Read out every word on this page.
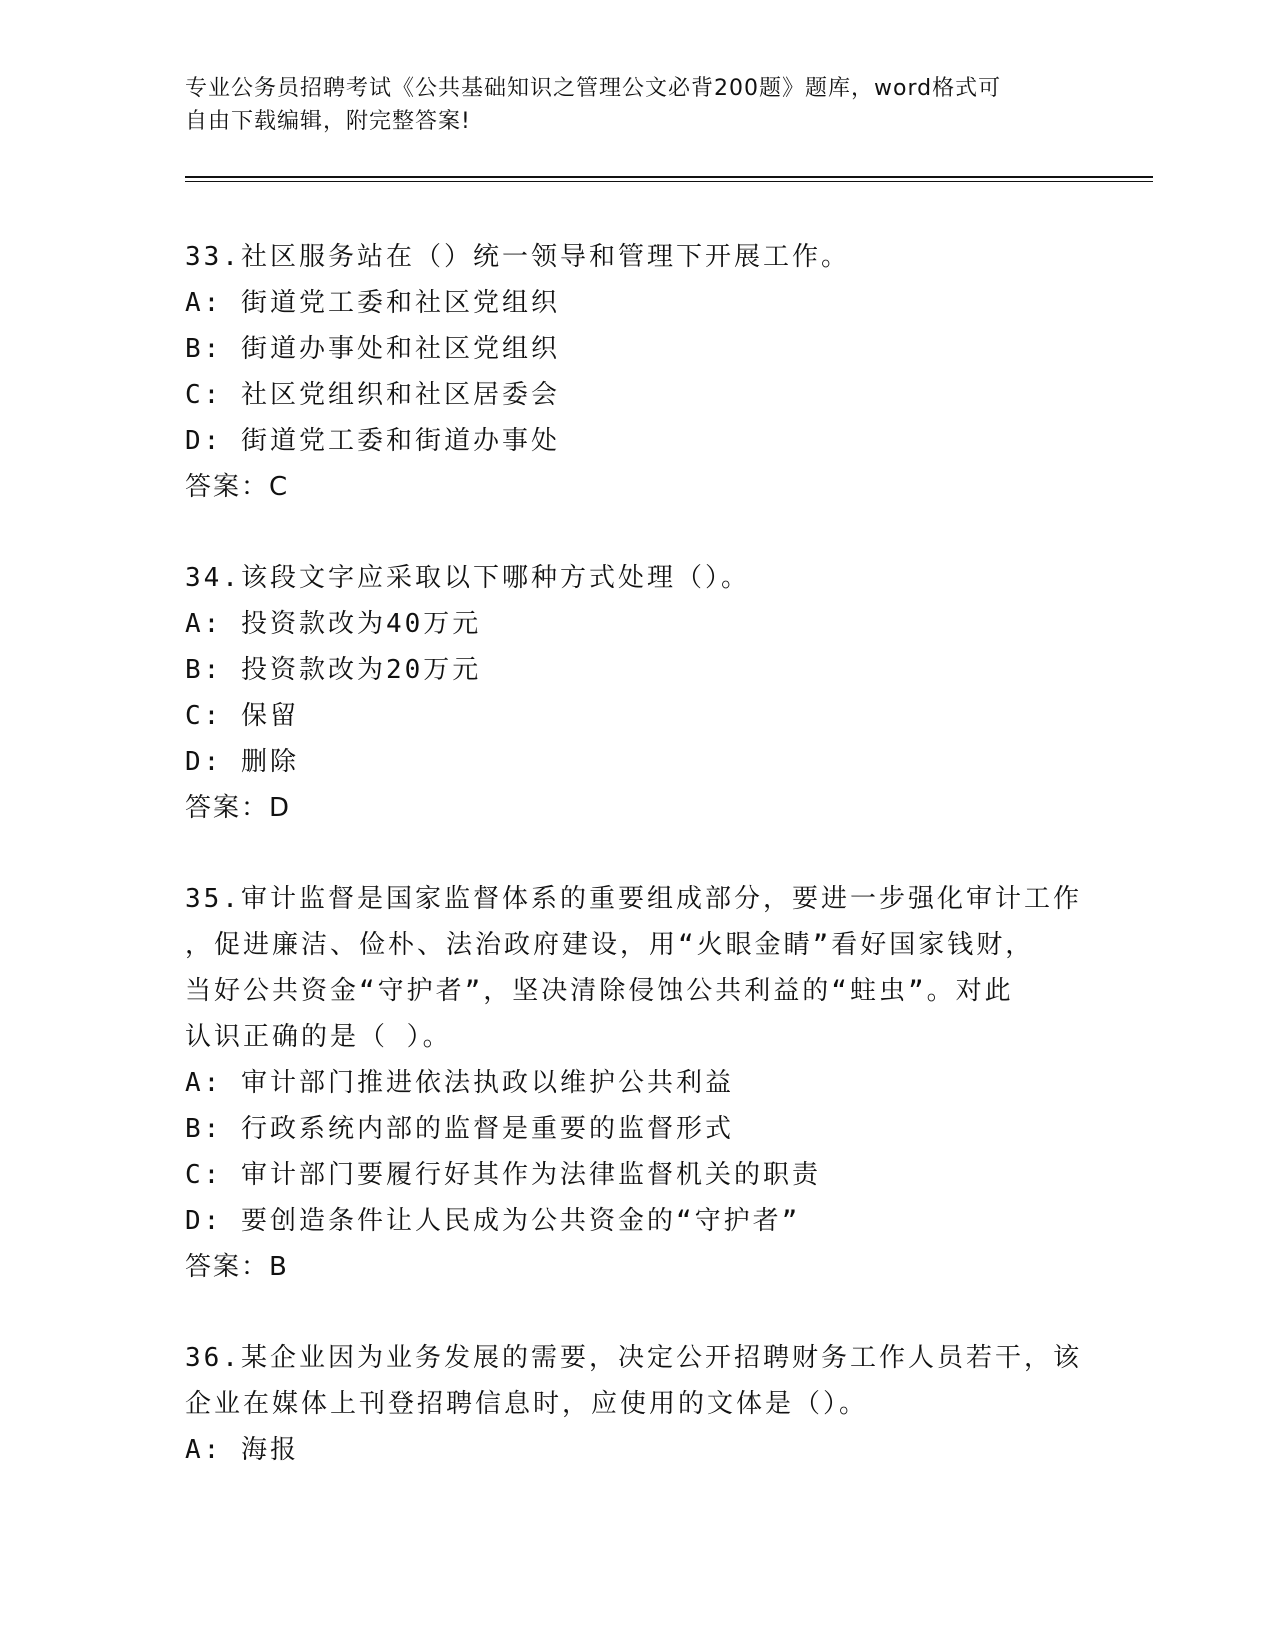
专业公务员招聘考试《公共基础知识之管理公文必背200题》题库，word格式可
自由下载编辑，附完整答案!
33.社区服务站在（）统一领导和管理下开展工作。
A: 街道党工委和社区党组织
B: 街道办事处和社区党组织
C: 社区党组织和社区居委会
D: 街道党工委和街道办事处
答案：C
34.该段文字应采取以下哪种方式处理（）。
A: 投资款改为40万元
B: 投资款改为20万元
C: 保留
D: 删除
答案：D
35.审计监督是国家监督体系的重要组成部分，要进一步强化审计工作
，促进廉洁、俭朴、法治政府建设，用“火眼金睛”看好国家钱财，
当好公共资金“守护者”，坚决清除侵蚀公共利益的“蛀虫”。对此
认识正确的是（ ）。
A: 审计部门推进依法执政以维护公共利益
B: 行政系统内部的监督是重要的监督形式
C: 审计部门要履行好其作为法律监督机关的职责
D: 要创造条件让人民成为公共资金的“守护者”
答案：B
36.某企业因为业务发展的需要，决定公开招聘财务工作人员若干，该
企业在媒体上刊登招聘信息时，应使用的文体是（）。
A: 海报
